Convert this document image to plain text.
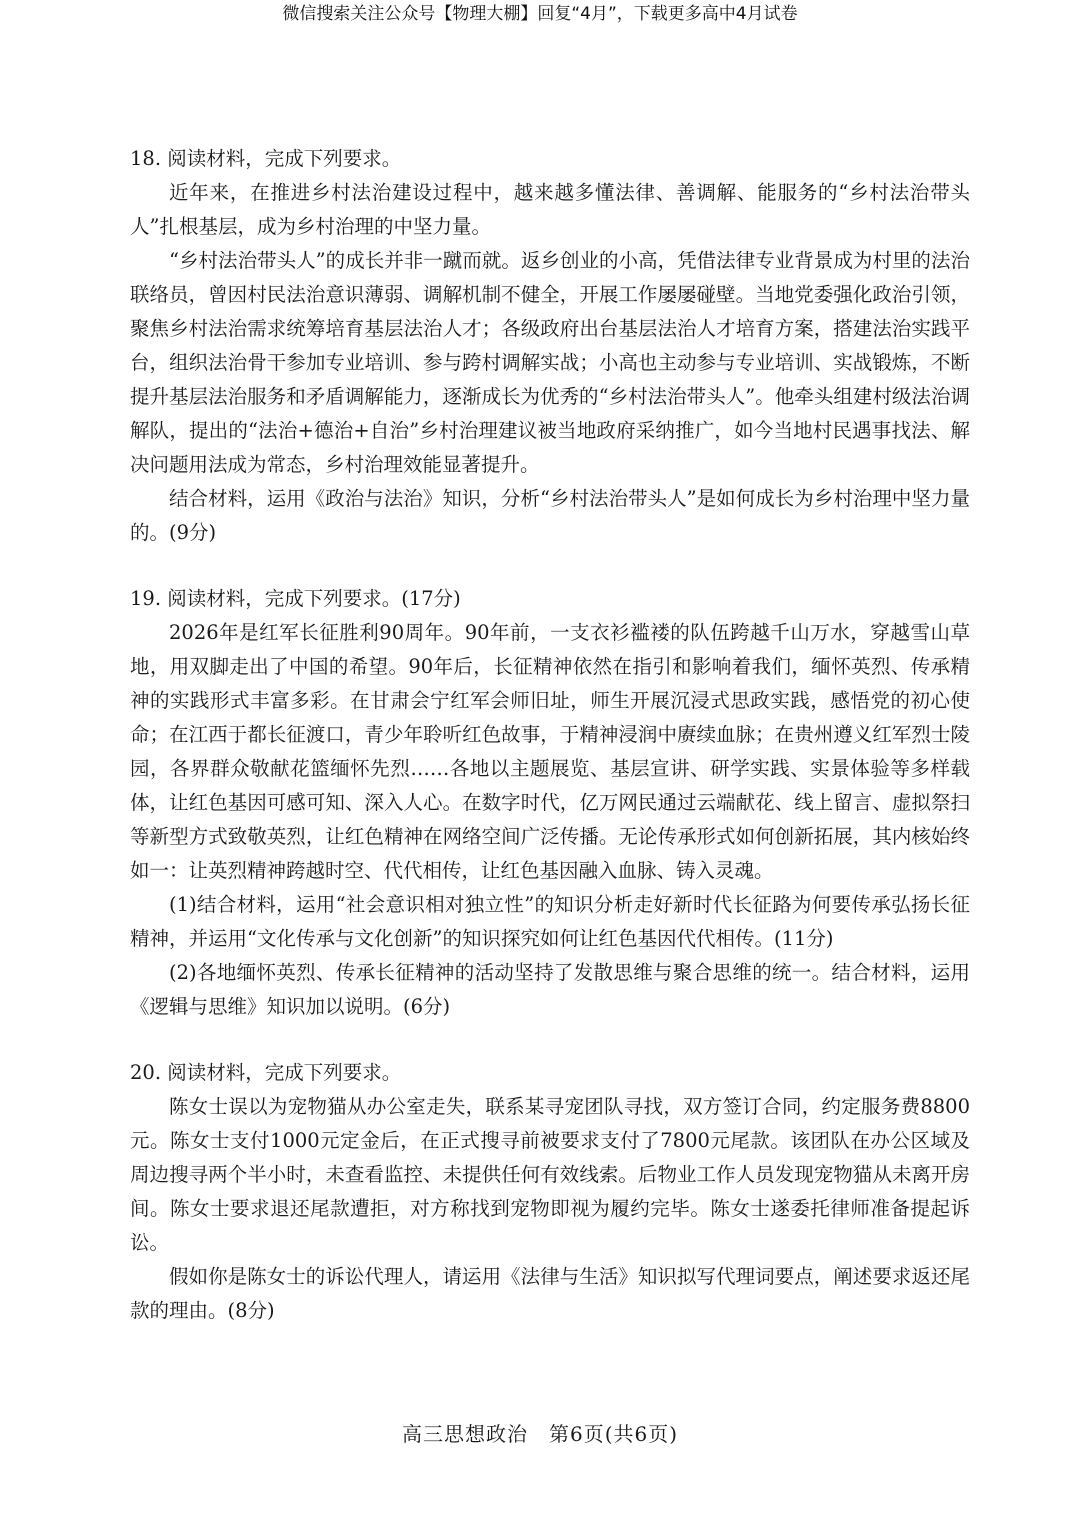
微信搜索关注公众号【物理大棚】回复“4月”，下载更多高中4月试卷

18. 阅读材料，完成下列要求。

近年来，在推进乡村法治建设过程中，越来越多懂法律、善调解、能服务的“乡村法治带头人”扎根基层，成为乡村治理的中坚力量。

“乡村法治带头人”的成长并非一蹴而就。返乡创业的小高，凭借法律专业背景成为村里的法治联络员，曾因村民法治意识薄弱、调解机制不健全，开展工作屡屡碰壁。当地党委强化政治引领，聚焦乡村法治需求统筹培育基层法治人才；各级政府出台基层法治人才培育方案，搭建法治实践平台，组织法治骨干参加专业培训、参与跨村调解实战；小高也主动参与专业培训、实战锻炼，不断提升基层法治服务和矛盾调解能力，逐渐成长为优秀的“乡村法治带头人”。他牵头组建村级法治调解队，提出的“法治+德治+自治”乡村治理建议被当地政府采纳推广，如今当地村民遇事找法、解决问题用法成为常态，乡村治理效能显著提升。

结合材料，运用《政治与法治》知识，分析“乡村法治带头人”是如何成长为乡村治理中坚力量的。(9分)

19. 阅读材料，完成下列要求。(17分)

2026年是红军长征胜利90周年。90年前，一支衣衫褴褛的队伍跨越千山万水，穿越雪山草地，用双脚走出了中国的希望。90年后，长征精神依然在指引和影响着我们，缅怀英烈、传承精神的实践形式丰富多彩。在甘肃会宁红军会师旧址，师生开展沉浸式思政实践，感悟党的初心使命；在江西于都长征渡口，青少年聆听红色故事，于精神浸润中赓续血脉；在贵州遵义红军烈士陵园，各界群众敬献花篮缅怀先烈……各地以主题展览、基层宣讲、研学实践、实景体验等多样载体，让红色基因可感可知、深入人心。在数字时代，亿万网民通过云端献花、线上留言、虚拟祭扫等新型方式致敬英烈，让红色精神在网络空间广泛传播。无论传承形式如何创新拓展，其内核始终如一：让英烈精神跨越时空、代代相传，让红色基因融入血脉、铸入灵魂。

(1)结合材料，运用“社会意识相对独立性”的知识分析走好新时代长征路为何要传承弘扬长征精神，并运用“文化传承与文化创新”的知识探究如何让红色基因代代相传。(11分)

(2)各地缅怀英烈、传承长征精神的活动坚持了发散思维与聚合思维的统一。结合材料，运用《逻辑与思维》知识加以说明。(6分)

20. 阅读材料，完成下列要求。

陈女士误以为宠物猫从办公室走失，联系某寻宠团队寻找，双方签订合同，约定服务费8800元。陈女士支付1000元定金后，在正式搜寻前被要求支付了7800元尾款。该团队在办公区域及周边搜寻两个半小时，未查看监控、未提供任何有效线索。后物业工作人员发现宠物猫从未离开房间。陈女士要求退还尾款遭拒，对方称找到宠物即视为履约完毕。陈女士遂委托律师准备提起诉讼。

假如你是陈女士的诉讼代理人，请运用《法律与生活》知识拟写代理词要点，阐述要求返还尾款的理由。(8分)

高三思想政治　第6页(共6页)
